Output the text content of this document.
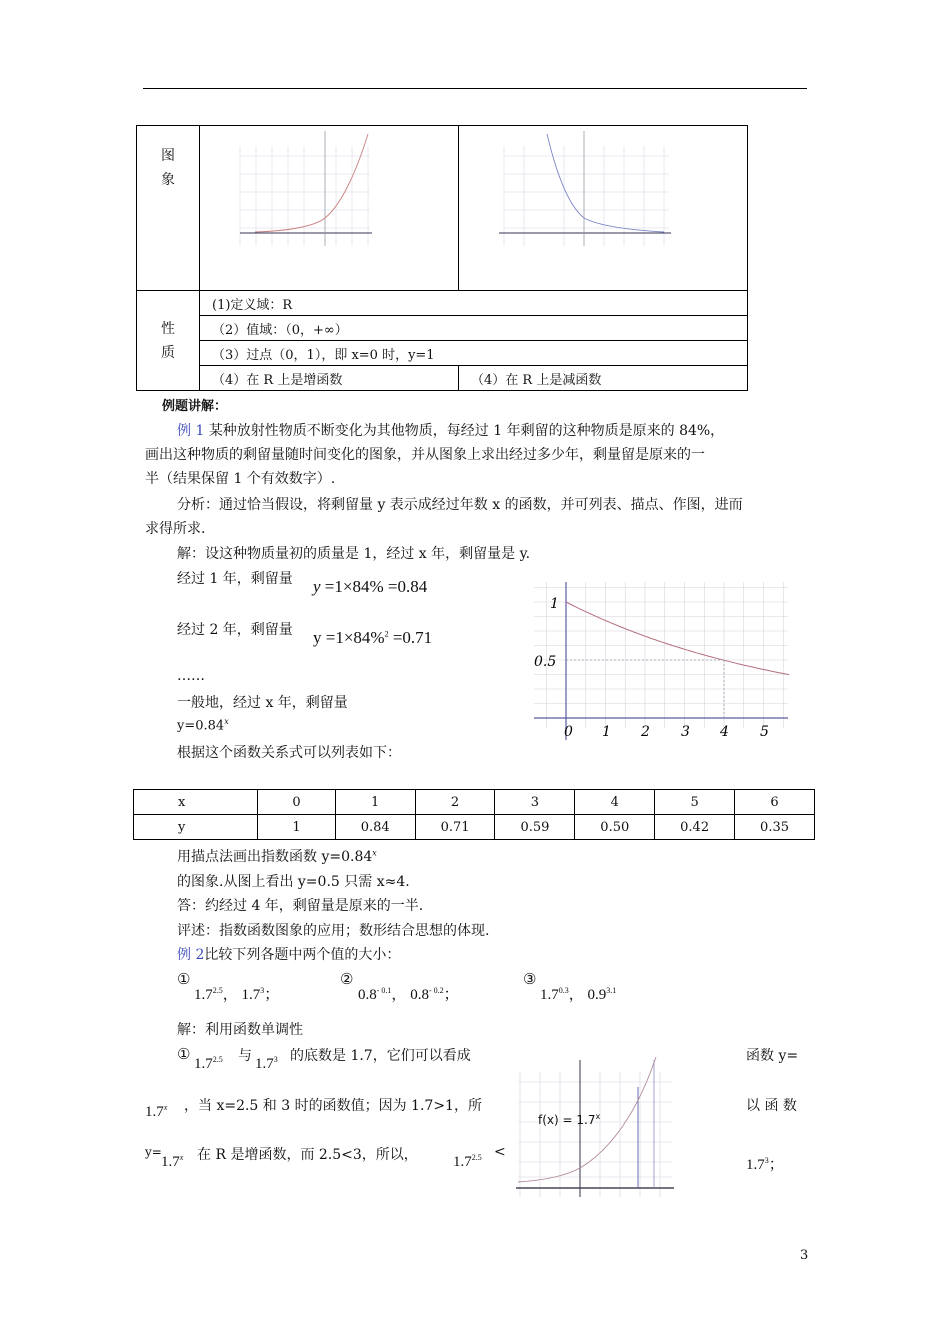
图
象

性
质	(1)定义域：R	
	（2）值域：（0，+∞）	
	（3）过点（0，1），即 x=0 时，y=1	
	（4）在 R 上是增函数	（4）在 R 上是减函数
例题讲解：
例 1 某种放射性物质不断变化为其他物质，每经过 1 年剩留的这种物质是原来的 84%，
画出这种物质的剩留量随时间变化的图象，并从图象上求出经过多少年，剩量留是原来的一
半（结果保留 1 个有效数字）.
分析：通过恰当假设，将剩留量 y 表示成经过年数 x 的函数，并可列表、描点、作图，进而
求得所求.
解：设这种物质量初的质量是 1，经过 x 年，剩留量是 y.
经过 1 年，剩留量 y =1×84% =0.84
经过 2 年，剩留量 y =1×84%$^2$ =0.71
……
一般地，经过 x 年，剩留量
$y=0.84^x$
根据这个函数关系式可以列表如下：
1
0.5
0 1 2 3 4 5
x	0	1	2	3	4	5	6
y	1	0.84	0.71	0.59	0.50	0.42	0.35
用描点法画出指数函数 $y=0.84^x$
的图象.从图上看出 y=0.5 只需 x≈4.
答：约经过 4 年，剩留量是原来的一半.
评述：指数函数图象的应用；数形结合思想的体现.
例 2比较下列各题中两个值的大小：
①
$1.7^{2.5}$， $1.7^3$；
②
$0.8^{- 0.1}$， $0.8^{- 0.2}$；
③
$1.7^{0.3}$， $0.9^{3.1}$
解：利用函数单调性
①
$1.7^{2.5}$ 与 $1.7^3$ 的底数是 1.7，它们可以看成	函数 y=
$1.7^x$ ，当 x=2.5 和 3 时的函数值；因为 1.7>1，所	以 函 数
y=
$1.7^x$ 在 R 是增函数，而 2.5<3，所以， $1.7^{2.5}$ <
$1.7^3$；
$f(x) = 1.7^x$
3
